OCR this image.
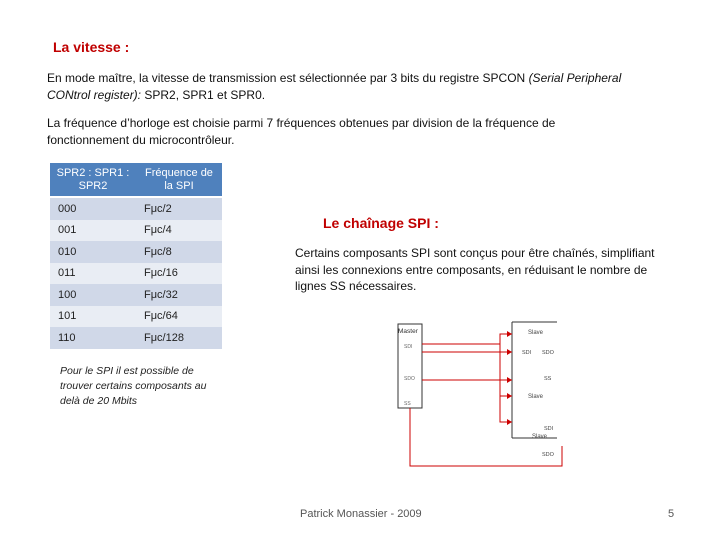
La vitesse :
En mode maître, la vitesse de transmission est sélectionnée par 3 bits du registre SPCON (Serial Peripheral CONtrol register): SPR2, SPR1 et SPR0.
La fréquence d’horloge est choisie parmi 7 fréquences obtenues par division de la fréquence de fonctionnement du microcontrôleur.
SPR2 : SPR1 : SPR2	Fréquence de la SPI
000	Fμc/2
001	Fμc/4
010	Fμc/8
011	Fμc/16
100	Fμc/32
101	Fμc/64
110	Fμc/128
Pour le SPI il est possible de trouver certains composants au delà de 20 Mbits
Le chaînage SPI :
Certains composants SPI sont conçus pour être chaînés, simplifiant ainsi les connexions entre composants, en réduisant le nombre de lignes SS nécessaires.
Master
SDI
SDO
SS
Slave
SDI SDO
SS
Slave
SDI
Slave
SDO
Patrick Monassier - 2009	5
